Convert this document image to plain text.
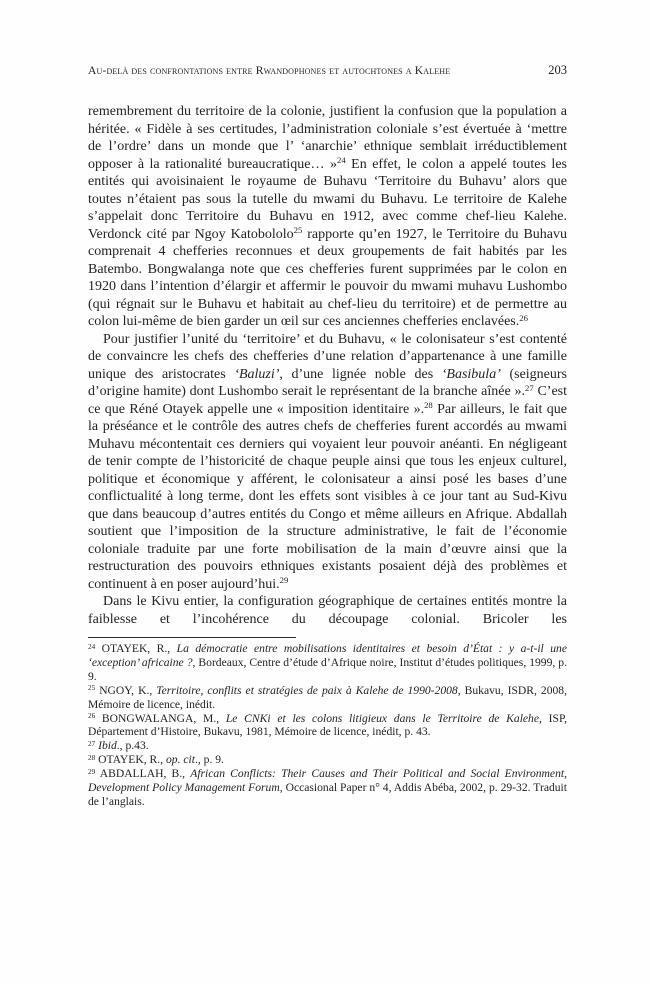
Au-delà des confrontations entre Rwandophones et autochtones a Kalehe	203

remembrement du territoire de la colonie, justifient la confusion que la population a héritée. « Fidèle à ses certitudes, l’administration coloniale s’est évertuée à ‘mettre de l’ordre’ dans un monde que l’ ‘anarchie’ ethnique semblait irréductiblement opposer à la rationalité bureaucratique… »$^{24}$ En effet, le colon a appelé toutes les entités qui avoisinaient le royaume de Buhavu ‘Territoire du Buhavu’ alors que toutes n’étaient pas sous la tutelle du mwami du Buhavu. Le territoire de Kalehe s’appelait donc Territoire du Buhavu en 1912, avec comme chef-lieu Kalehe. Verdonck cité par Ngoy Katobololo$^{25}$ rapporte qu’en 1927, le Territoire du Buhavu comprenait 4 chefferies reconnues et deux groupements de fait habités par les Batembo. Bongwalanga note que ces chefferies furent supprimées par le colon en 1920 dans l’intention d’élargir et affermir le pouvoir du mwami muhavu Lushombo (qui régnait sur le Buhavu et habitait au chef-lieu du territoire) et de permettre au colon lui-même de bien garder un œil sur ces anciennes chefferies enclavées.$^{26}$

Pour justifier l’unité du ‘territoire’ et du Buhavu, « le colonisateur s’est contenté de convaincre les chefs des chefferies d’une relation d’appartenance à une famille unique des aristocrates ‘Baluzi’, d’une lignée noble des ‘Basibula’ (seigneurs d’origine hamite) dont Lushombo serait le représentant de la branche aînée ».$^{27}$ C’est ce que Réné Otayek appelle une « imposition identitaire ».$^{28}$ Par ailleurs, le fait que la préséance et le contrôle des autres chefs de chefferies furent accordés au mwami Muhavu mécontentait ces derniers qui voyaient leur pouvoir anéanti. En négligeant de tenir compte de l’historicité de chaque peuple ainsi que tous les enjeux culturel, politique et économique y afférent, le colonisateur a ainsi posé les bases d’une conflictualité à long terme, dont les effets sont visibles à ce jour tant au Sud-Kivu que dans beaucoup d’autres entités du Congo et même ailleurs en Afrique. Abdallah soutient que l’imposition de la structure administrative, le fait de l’économie coloniale traduite par une forte mobilisation de la main d’œuvre ainsi que la restructuration des pouvoirs ethniques existants posaient déjà des problèmes et continuent à en poser aujourd’hui.$^{29}$

Dans le Kivu entier, la configuration géographique de certaines entités montre la faiblesse et l’incohérence du découpage colonial. Bricoler les

$^{24}$ OTAYEK, R., La démocratie entre mobilisations identitaires et besoin d’État : y a-t-il une ‘exception’ africaine ?, Bordeaux, Centre d’étude d’Afrique noire, Institut d’études politiques, 1999, p. 9.

$^{25}$ NGOY, K., Territoire, conflits et stratégies de paix à Kalehe de 1990-2008, Bukavu, ISDR, 2008, Mémoire de licence, inédit.

$^{26}$ BONGWALANGA, M., Le CNKi et les colons litigieux dans le Territoire de Kalehe, ISP, Département d’Histoire, Bukavu, 1981, Mémoire de licence, inédit, p. 43.

$^{27}$ Ibid., p.43.

$^{28}$ OTAYEK, R., op. cit., p. 9.

$^{29}$ ABDALLAH, B., African Conflicts: Their Causes and Their Political and Social Environment, Development Policy Management Forum, Occasional Paper n° 4, Addis Abéba, 2002, p. 29-32. Traduit de l’anglais.
